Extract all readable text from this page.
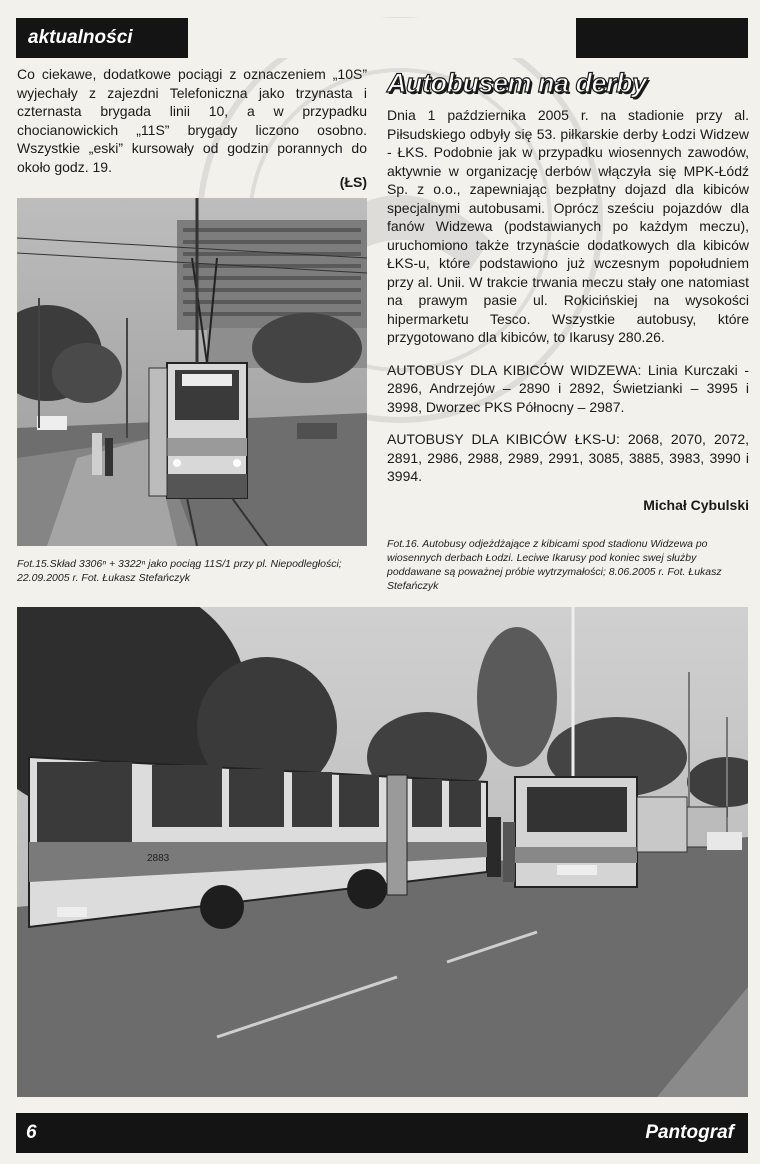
aktualności
Co ciekawe, dodatkowe pociągi z oznaczeniem „10S” wyjechały z zajezdni Telefoniczna jako trzynasta i czternasta brygada linii 10, a w przypadku chocianowickich „11S” brygady liczono osobno. Wszystkie „eski” kursowały od godzin porannych do około godz. 19.
(ŁS)
Fot.15.Skład 3306ⁿ + 3322ⁿ jako pociąg 11S/1 przy pl. Niepodległości; 22.09.2005 r. Fot. Łukasz Stefańczyk
Autobusem na derby

Dnia 1 października 2005 r. na stadionie przy al. Piłsudskiego odbyły się 53. piłkarskie derby Łodzi Widzew - ŁKS. Podobnie jak w przypadku wiosennych zawodów, aktywnie w organizację derbów włączyła się MPK-Łódź Sp. z o.o., zapewniając bezpłatny dojazd dla kibiców specjalnymi autobusami. Oprócz sześciu pojazdów dla fanów Widzewa (podstawianych po każdym meczu), uruchomiono także trzynaście dodatkowych dla kibiców ŁKS-u, które podstawiono już wczesnym popołudniem przy al. Unii. W trakcie trwania meczu stały one natomiast na prawym pasie ul. Rokicińskiej na wysokości hipermarketu Tesco. Wszystkie autobusy, które przygotowano dla kibiców, to Ikarusy 280.26.

AUTOBUSY DLA KIBICÓW WIDZEWA: Linia Kurczaki - 2896, Andrzejów – 2890 i 2892, Świetzianki – 3995 i 3998, Dworzec PKS Północny – 2987.

AUTOBUSY DLA KIBICÓW ŁKS-U: 2068, 2070, 2072, 2891, 2986, 2988, 2989, 2991, 3085, 3885, 3983, 3990 i 3994.

Michał Cybulski
Fot.16. Autobusy odjeżdżające z kibicami spod stadionu Widzewa po wiosennych derbach Łodzi. Leciwe Ikarusy pod koniec swej służby poddawane są poważnej próbie wytrzymałości; 8.06.2005 r. Fot. Łukasz Stefańczyk
2883
6	Pantograf
